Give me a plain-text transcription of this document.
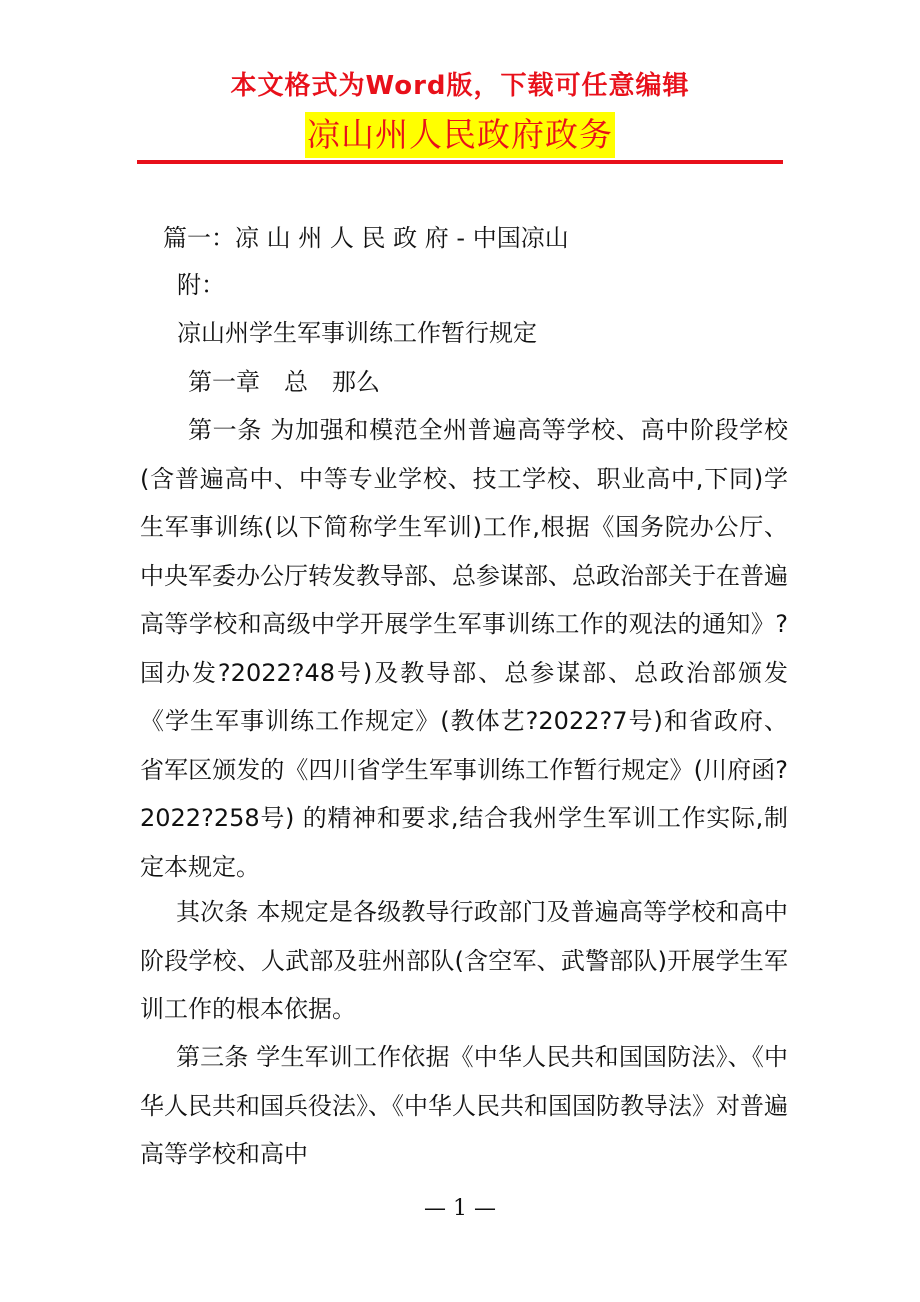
本文格式为Word版，下载可任意编辑
凉山州人民政府政务
篇一：凉 山 州 人 民 政 府 - 中国凉山
附：
凉山州学生军事训练工作暂行规定
第一章　总　那么
第一条 为加强和模范全州普遍高等学校、高中阶段学校(含普遍高中、中等专业学校、技工学校、职业高中,下同)学生军事训练(以下简称学生军训)工作,根据《国务院办公厅、中央军委办公厅转发教导部、总参谋部、总政治部关于在普遍高等学校和高级中学开展学生军事训练工作的观法的通知》?国办发?2022?48号)及教导部、总参谋部、总政治部颁发《学生军事训练工作规定》(教体艺?2022?7号)和省政府、省军区颁发的《四川省学生军事训练工作暂行规定》(川府函?2022?258号) 的精神和要求,结合我州学生军训工作实际,制定本规定。
其次条 本规定是各级教导行政部门及普遍高等学校和高中阶段学校、人武部及驻州部队(含空军、武警部队)开展学生军训工作的根本依据。
第三条 学生军训工作依据《中华人民共和国国防法》、《中华人民共和国兵役法》、《中华人民共和国国防教导法》对普遍高等学校和高中
— 1 —
